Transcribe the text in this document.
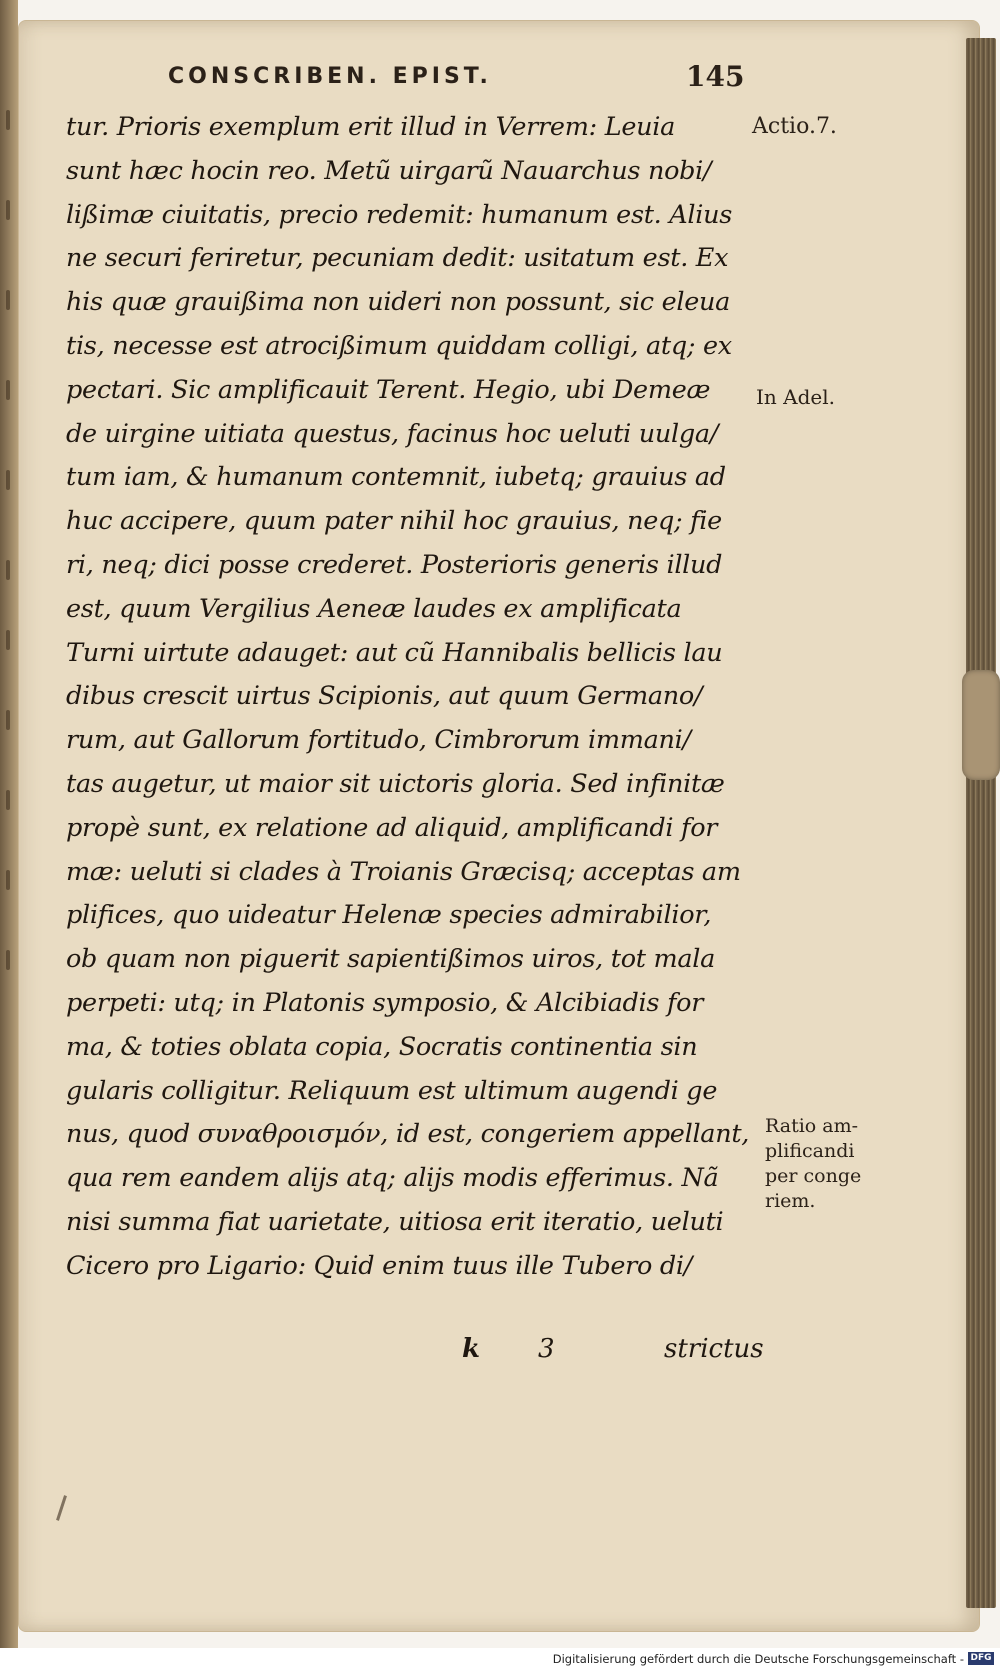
CONSCRIBEN. EPIST.	145
tur. Prioris exemplum erit illud in Verrem: Leuia
sunt hæc hocin reo. Metũ uirgarũ Nauarchus nobi/
lißimæ ciuitatis, precio redemit: humanum est. Alius
ne securi feriretur, pecuniam dedit: usitatum est. Ex
his quæ grauißima non uideri non possunt, sic eleua
tis, necesse est atrocißimum quiddam colligi, atq; ex
pectari. Sic amplificauit Terent. Hegio, ubi Demeæ
de uirgine uitiata questus, facinus hoc ueluti uulga/
tum iam, & humanum contemnit, iubetq; grauius ad
huc accipere, quum pater nihil hoc grauius, neq; fie
ri, neq; dici posse crederet. Posterioris generis illud
est, quum Vergilius Aeneæ laudes ex amplificata
Turni uirtute adauget: aut cũ Hannibalis bellicis lau
dibus crescit uirtus Scipionis, aut quum Germano/
rum, aut Gallorum fortitudo, Cimbrorum immani/
tas augetur, ut maior sit uictoris gloria. Sed infinitæ
propè sunt, ex relatione ad aliquid, amplificandi for
mæ: ueluti si clades à Troianis Græcisq; acceptas am
plifices, quo uideatur Helenæ species admirabilior,
ob quam non piguerit sapientißimos uiros, tot mala
perpeti: utq; in Platonis symposio, & Alcibiadis for
ma, & toties oblata copia, Socratis continentia sin
gularis colligitur. Reliquum est ultimum augendi ge
nus, quod συναθροισμόν, id est, congeriem appellant,
qua rem eandem alijs atq; alijs modis efferimus. Nã
nisi summa fiat uarietate, uitiosa erit iteratio, ueluti
Cicero pro Ligario: Quid enim tuus ille Tubero di/
Actio.7.
In Adel.
Ratio am-
plificandi
per conge
riem.
k 3	strictus
Digitalisierung gefördert durch die Deutsche Forschungsgemeinschaft - DFG
